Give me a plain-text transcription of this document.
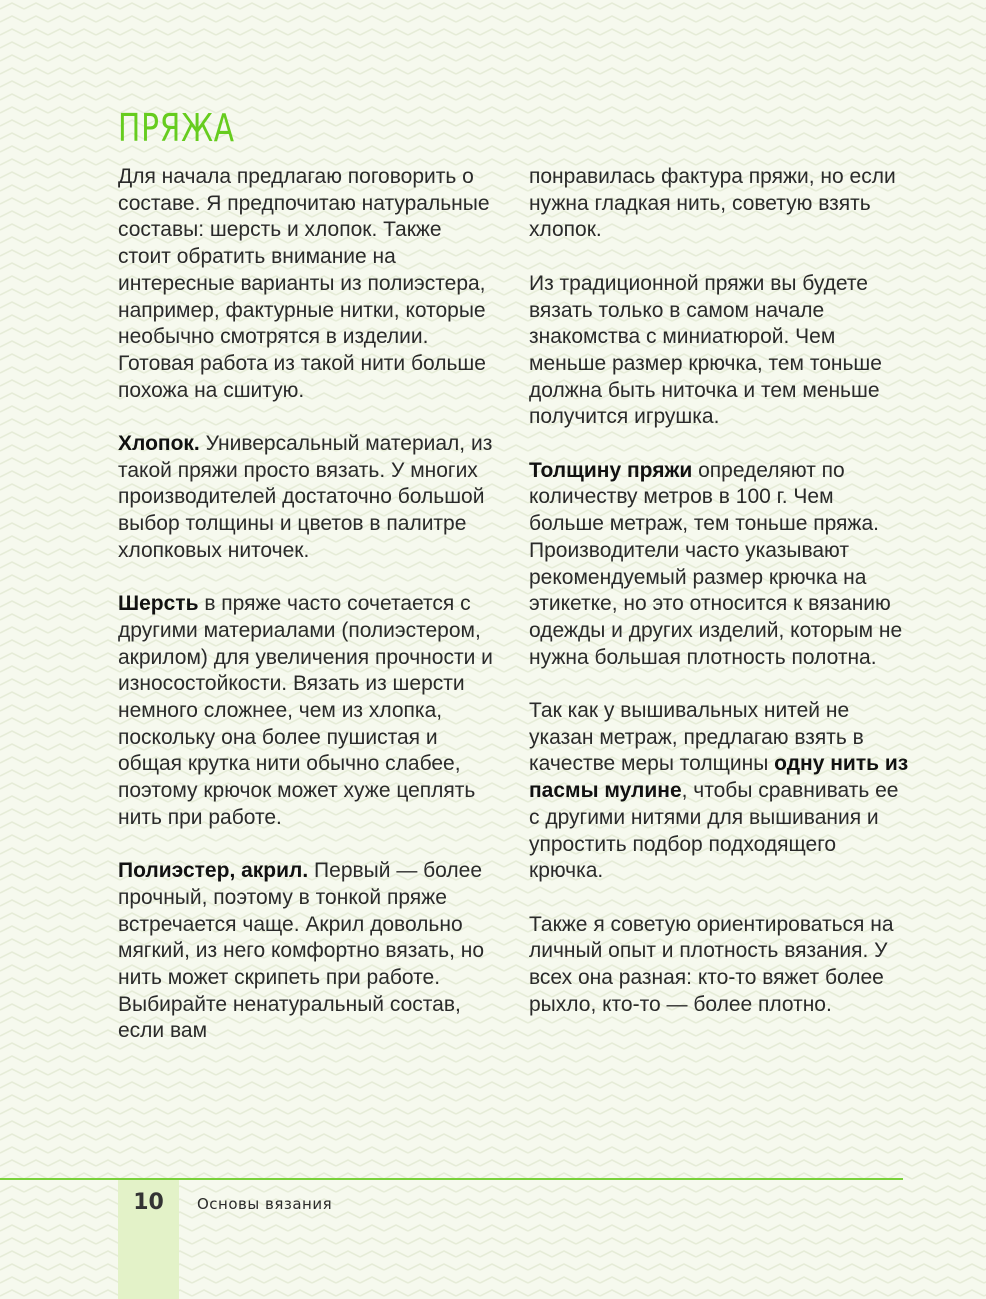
ПРЯЖА

Для начала предлагаю поговорить о составе. Я предпочитаю натуральные составы: шерсть и хлопок. Также стоит обратить внимание на интересные варианты из полиэстера, например, фактурные нитки, которые необычно смотрятся в изделии. Готовая работа из такой нити больше похожа на сшитую.

Хлопок. Универсальный материал, из такой пряжи просто вязать. У многих производителей достаточно большой выбор толщины и цветов в палитре хлопковых ниточек.

Шерсть в пряже часто сочетается с другими материалами (полиэстером, акрилом) для увеличения прочности и износостойкости. Вязать из шерсти немного сложнее, чем из хлопка, поскольку она более пушистая и общая крутка нити обычно слабее, поэтому крючок может хуже цеплять нить при работе.

Полиэстер, акрил. Первый — более прочный, поэтому в тонкой пряже встречается чаще. Акрил довольно мягкий, из него комфортно вязать, но нить может скрипеть при работе. Выбирайте ненатуральный состав, если вам

понравилась фактура пряжи, но если нужна гладкая нить, советую взять хлопок.

Из традиционной пряжи вы будете вязать только в самом начале знакомства с миниатюрой. Чем меньше размер крючка, тем тоньше должна быть ниточка и тем меньше получится игрушка.

Толщину пряжи определяют по количеству метров в 100 г. Чем больше метраж, тем тоньше пряжа. Производители часто указывают рекомендуемый размер крючка на этикетке, но это относится к вязанию одежды и других изделий, которым не нужна большая плотность полотна.

Так как у вышивальных нитей не указан метраж, предлагаю взять в качестве меры толщины одну нить из пасмы мулине, чтобы сравнивать ее с другими нитями для вышивания и упростить подбор подходящего крючка.

Также я советую ориентироваться на личный опыт и плотность вязания. У всех она разная: кто-то вяжет более рыхло, кто-то — более плотно.

10	Основы вязания
